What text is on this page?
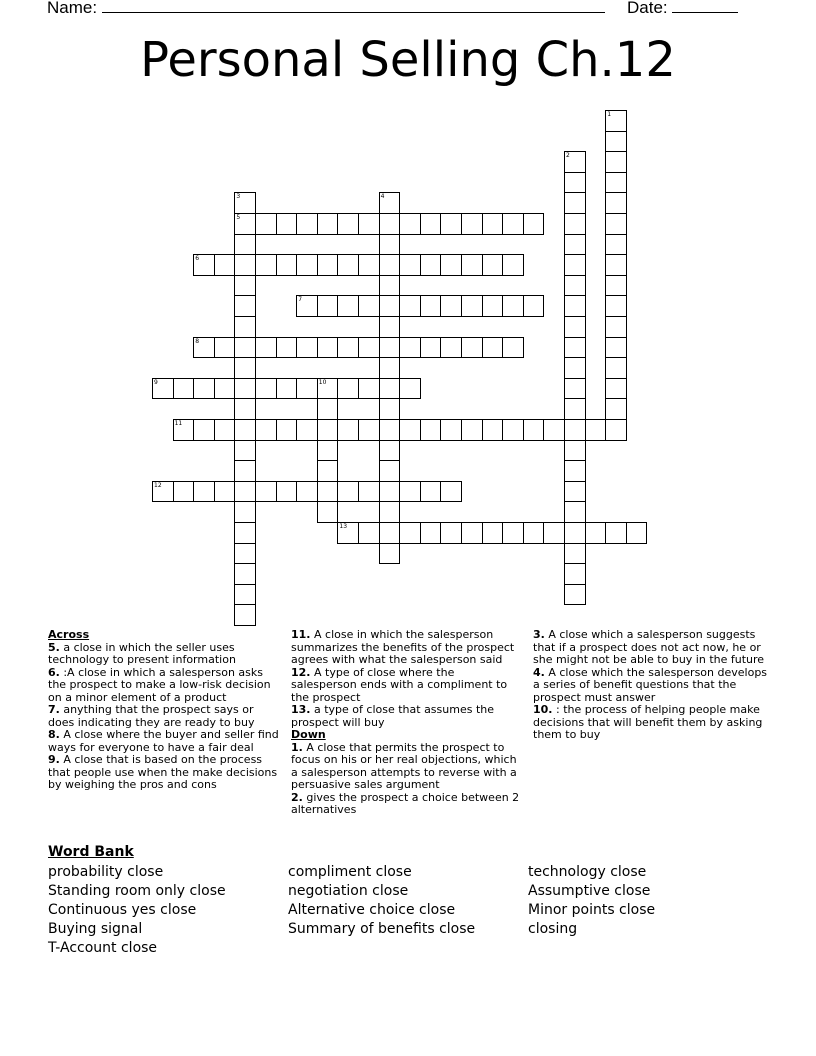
Name:	Date:
Personal Selling Ch.12
1
2
3
5
4
6
7
8
9	10
11
12
13
Across
5. a close in which the seller uses technology to present information
6. :A close in which a salesperson asks the prospect to make a low-risk decision on a minor element of a product
7. anything that the prospect says or does indicating they are ready to buy
8. A close where the buyer and seller find ways for everyone to have a fair deal
9. A close that is based on the process that people use when the make decisions by weighing the pros and cons
11. A close in which the salesperson summarizes the benefits of the prospect agrees with what the salesperson said
12. A type of close where the salesperson ends with a compliment to the prospect
13. a type of close that assumes the prospect will buy
Down
1. A close that permits the prospect to focus on his or her real objections, which a salesperson attempts to reverse with a persuasive sales argument
2. gives the prospect a choice between 2 alternatives
3. A close which a salesperson suggests that if a prospect does not act now, he or she might not be able to buy in the future
4. A close which the salesperson develops a series of benefit questions that the prospect must answer
10. : the process of helping people make decisions that will benefit them by asking them to buy
Word Bank
probability close
Standing room only close
Continuous yes close
Buying signal
T-Account close
compliment close
negotiation close
Alternative choice close
Summary of benefits close
technology close
Assumptive close
Minor points close
closing
